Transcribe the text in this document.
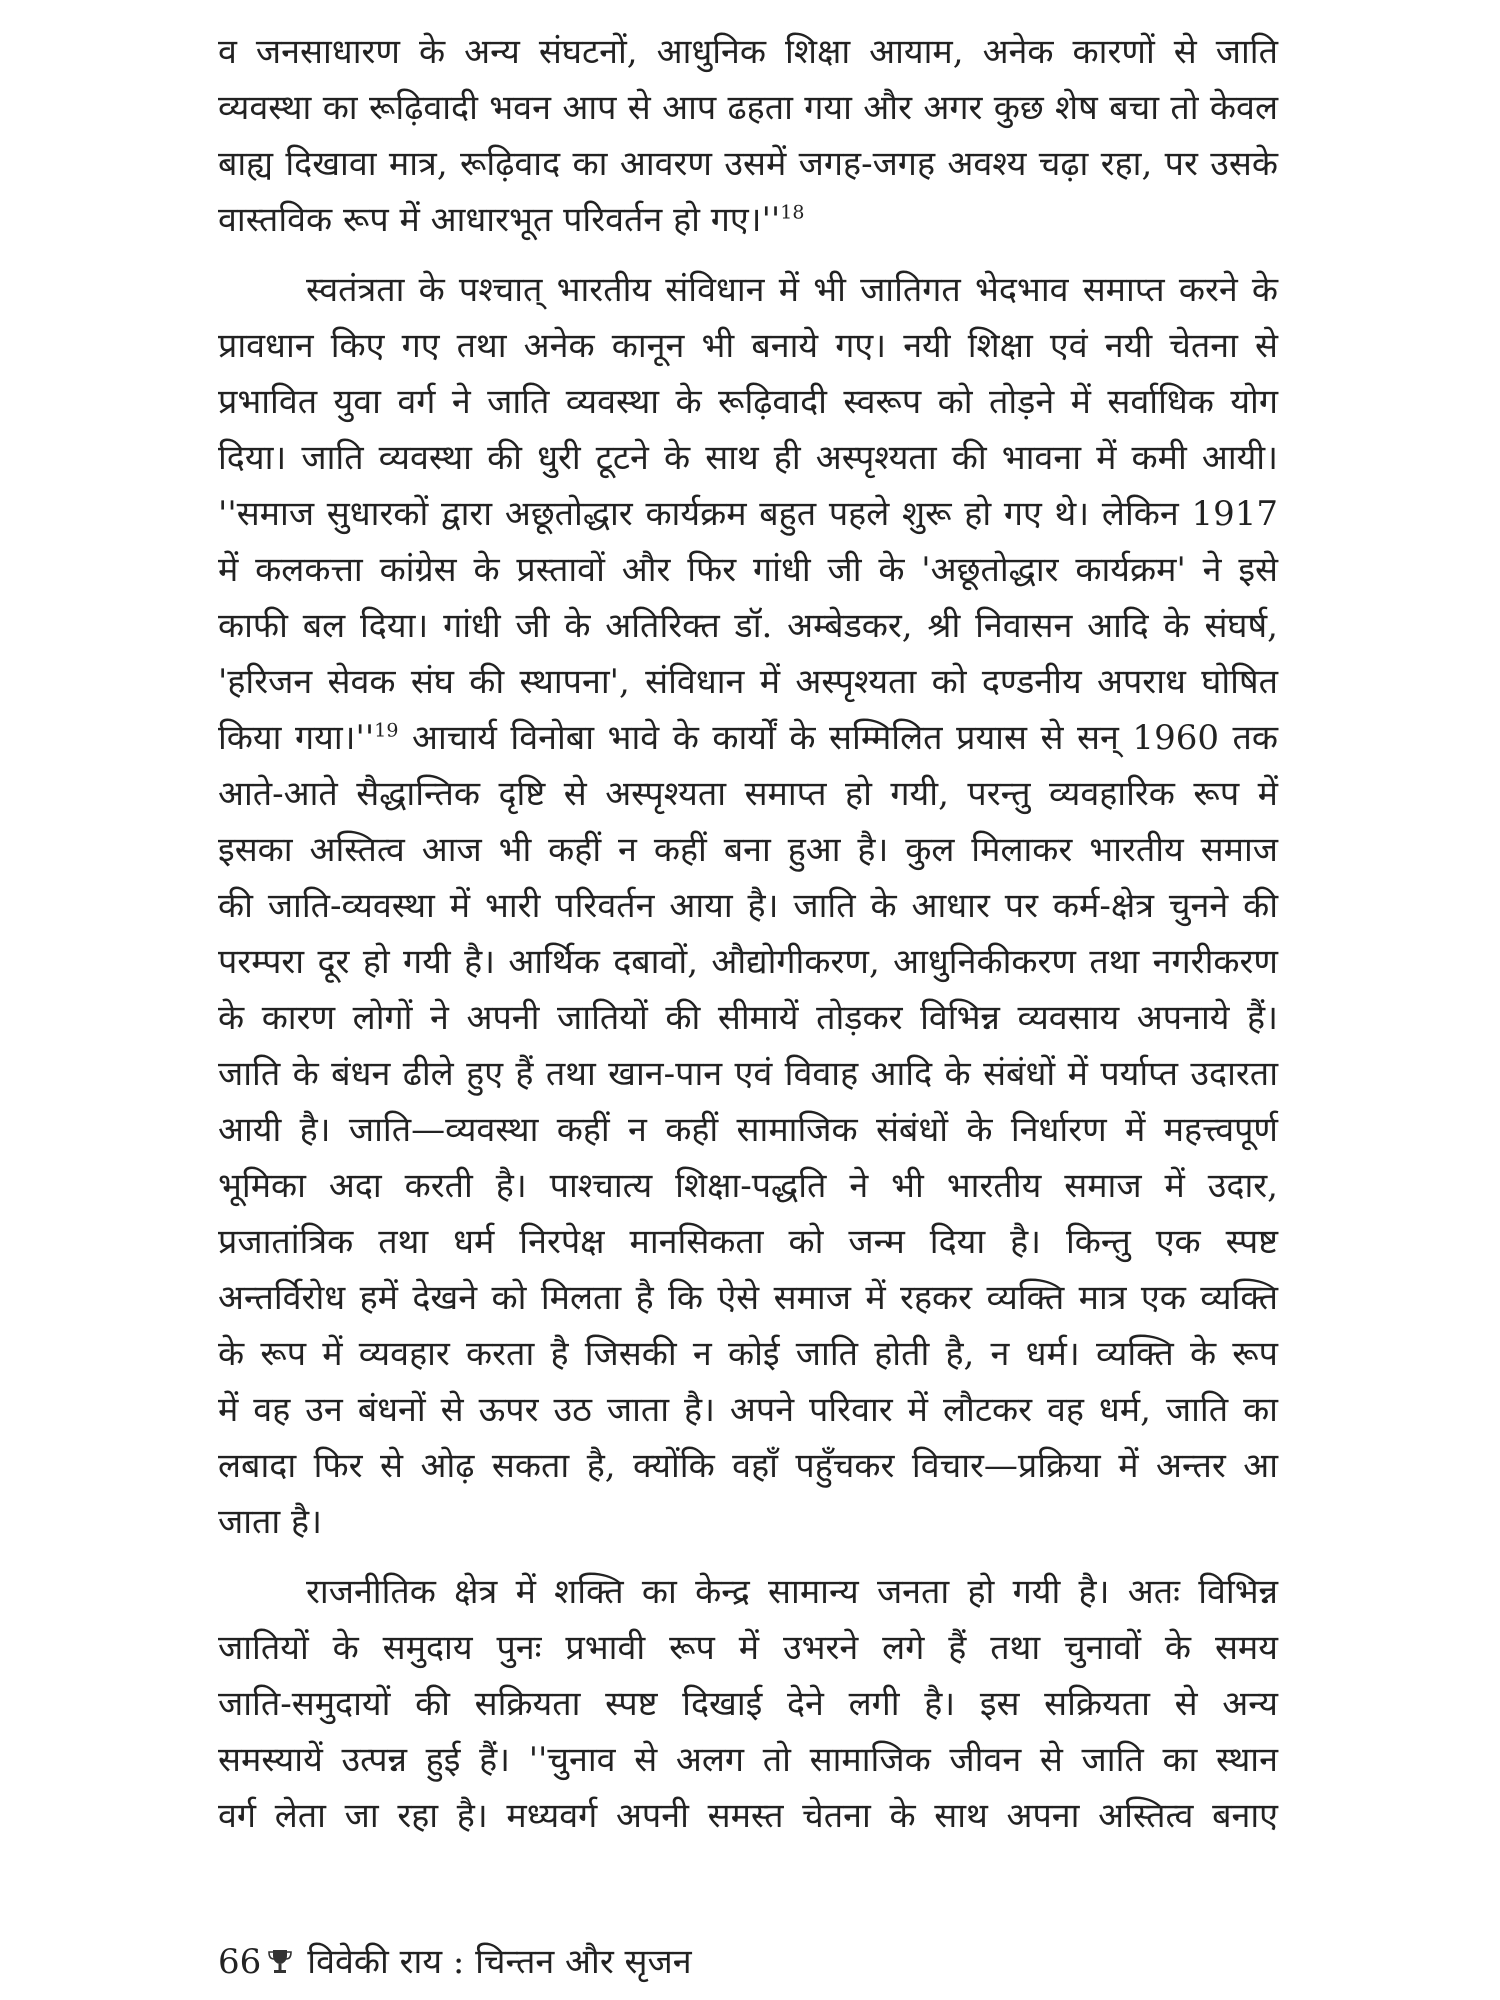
व जनसाधारण के अन्य संघटनों, आधुनिक शिक्षा आयाम, अनेक कारणों से जाति
व्यवस्था का रूढ़िवादी भवन आप से आप ढहता गया और अगर कुछ शेष बचा तो केवल
बाह्य दिखावा मात्र, रूढ़िवाद का आवरण उसमें जगह-जगह अवश्य चढ़ा रहा, पर उसके
वास्तविक रूप में आधारभूत परिवर्तन हो $गए।''^{18}$
स्वतंत्रता के पश्चात् भारतीय संविधान में भी जातिगत भेदभाव समाप्त करने के
प्रावधान किए गए तथा अनेक कानून भी बनाये गए। नयी शिक्षा एवं नयी चेतना से
प्रभावित युवा वर्ग ने जाति व्यवस्था के रूढ़िवादी स्वरूप को तोड़ने में सर्वाधिक योग
दिया। जाति व्यवस्था की धुरी टूटने के साथ ही अस्पृश्यता की भावना में कमी आयी।
''समाज सुधारकों द्वारा अछूतोद्धार कार्यक्रम बहुत पहले शुरू हो गए थे। लेकिन 1917
में कलकत्ता कांग्रेस के प्रस्तावों और फिर गांधी जी के 'अछूतोद्धार कार्यक्रम' ने इसे
काफी बल दिया। गांधी जी के अतिरिक्त डॉ. अम्बेडकर, श्री निवासन आदि के संघर्ष,
'हरिजन सेवक संघ की स्थापना', संविधान में अस्पृश्यता को दण्डनीय अपराध घोषित
किया $गया।''^{19}$ आचार्य विनोबा भावे के कार्यों के सम्मिलित प्रयास से सन् 1960 तक
आते-आते सैद्धान्तिक दृष्टि से अस्पृश्यता समाप्त हो गयी, परन्तु व्यवहारिक रूप में
इसका अस्तित्व आज भी कहीं न कहीं बना हुआ है। कुल मिलाकर भारतीय समाज
की जाति-व्यवस्था में भारी परिवर्तन आया है। जाति के आधार पर कर्म-क्षेत्र चुनने की
परम्परा दूर हो गयी है। आर्थिक दबावों, औद्योगीकरण, आधुनिकीकरण तथा नगरीकरण
के कारण लोगों ने अपनी जातियों की सीमायें तोड़कर विभिन्न व्यवसाय अपनाये हैं।
जाति के बंधन ढीले हुए हैं तथा खान-पान एवं विवाह आदि के संबंधों में पर्याप्त उदारता
आयी है। जाति—व्यवस्था कहीं न कहीं सामाजिक संबंधों के निर्धारण में महत्त्वपूर्ण
भूमिका अदा करती है। पाश्चात्य शिक्षा-पद्धति ने भी भारतीय समाज में उदार,
प्रजातांत्रिक तथा धर्म निरपेक्ष मानसिकता को जन्म दिया है। किन्तु एक स्पष्ट
अन्तर्विरोध हमें देखने को मिलता है कि ऐसे समाज में रहकर व्यक्ति मात्र एक व्यक्ति
के रूप में व्यवहार करता है जिसकी न कोई जाति होती है, न धर्म। व्यक्ति के रूप
में वह उन बंधनों से ऊपर उठ जाता है। अपने परिवार में लौटकर वह धर्म, जाति का
लबादा फिर से ओढ़ सकता है, क्योंकि वहाँ पहुँचकर विचार—प्रक्रिया में अन्तर आ
जाता है।
राजनीतिक क्षेत्र में शक्ति का केन्द्र सामान्य जनता हो गयी है। अतः विभिन्न
जातियों के समुदाय पुनः प्रभावी रूप में उभरने लगे हैं तथा चुनावों के समय
जाति-समुदायों की सक्रियता स्पष्ट दिखाई देने लगी है। इस सक्रियता से अन्य
समस्यायें उत्पन्न हुई हैं। ''चुनाव से अलग तो सामाजिक जीवन से जाति का स्थान
वर्ग लेता जा रहा है। मध्यवर्ग अपनी समस्त चेतना के साथ अपना अस्तित्व बनाए
66 विवेकी राय : चिन्तन और सृजन
